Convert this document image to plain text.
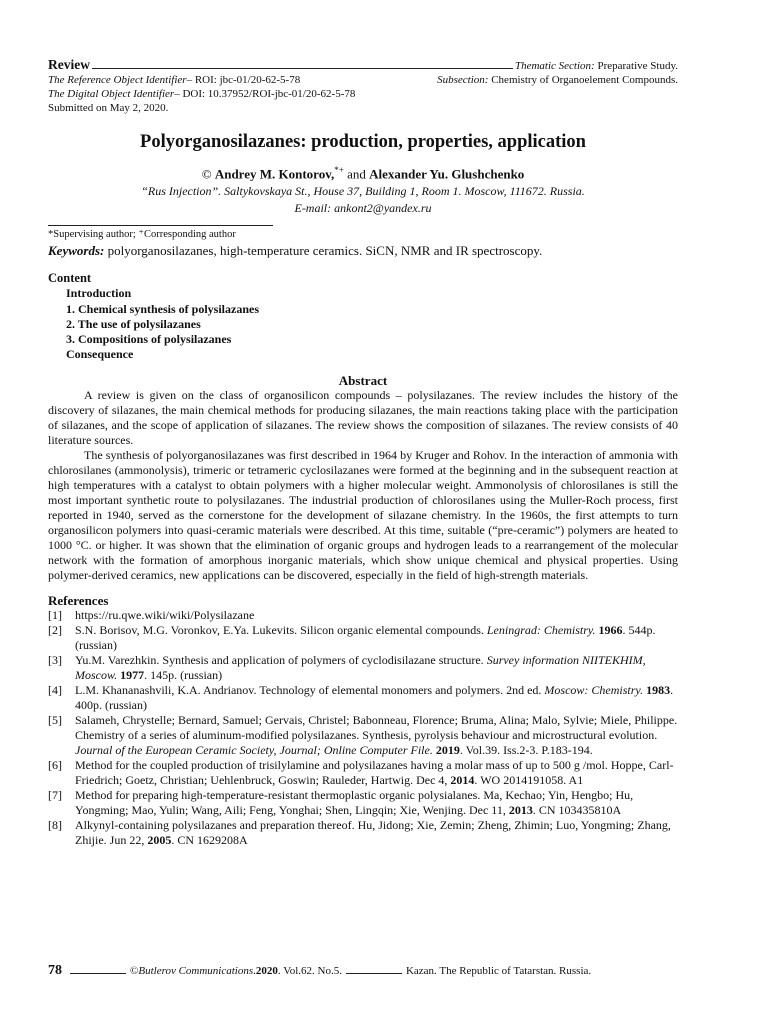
Review	Thematic Section:
Preparative Study.
The Reference Object Identifier – ROI: jbc-01/20-62-5-78	Subsection:
Chemistry of Organoelement Compounds.
The Digital Object Identifier – DOI: 10.37952/ROI-jbc-01/20-62-5-78
Submitted on May 2, 2020.
Polyorganosilazanes: production, properties, application
© Andrey M. Kontorov,*+ and Alexander Yu. Glushchenko
“Rus Injection”. Saltykovskaya St., House 37, Building 1, Room 1. Moscow, 111672. Russia.
E-mail: ankont2@yandex.ru
*Supervising author; ⁺Corresponding author
Keywords: polyorganosilazanes, high-temperature ceramics. SiCN, NMR and IR spectroscopy.
Content
Introduction
1. Chemical synthesis of polysilazanes
2. The use of polysilazanes
3. Compositions of polysilazanes
Consequence
Abstract

A review is given on the class of organosilicon compounds – polysilazanes. The review includes the history of the discovery of silazanes, the main chemical methods for producing silazanes, the main reactions taking place with the participation of silazanes, and the scope of application of silazanes. The review shows the composition of silazanes. The review consists of 40 literature sources.

The synthesis of polyorganosilazanes was first described in 1964 by Kruger and Rohov. In the interaction of ammonia with chlorosilanes (ammonolysis), trimeric or tetrameric cyclosilazanes were formed at the beginning and in the subsequent reaction at high temperatures with a catalyst to obtain polymers with a higher molecular weight. Ammonolysis of chlorosilanes is still the most important synthetic route to polysilazanes. The industrial production of chlorosilanes using the Muller-Roch process, first reported in 1940, served as the cornerstone for the development of silazane chemistry. In the 1960s, the first attempts to turn organosilicon polymers into quasi-ceramic materials were described. At this time, suitable (“pre-ceramic”) polymers are heated to 1000 °C. or higher. It was shown that the elimination of organic groups and hydrogen leads to a rearrangement of the molecular network with the formation of amorphous inorganic materials, which show unique chemical and physical properties. Using polymer-derived ceramics, new applications can be discovered, especially in the field of high-strength materials.

References
[1]	https://ru.qwe.wiki/wiki/Polysilazane
[2]	S.N. Borisov, M.G. Voronkov, E.Ya. Lukevits. Silicon organic elemental compounds. Leningrad: Chemistry. 1966. 544p. (russian)
[3]	Yu.M. Varezhkin. Synthesis and application of polymers of cyclodisilazane structure. Survey information NIITEKHIM, Moscow. 1977. 145p. (russian)
[4]	L.M. Khananashvili, K.A. Andrianov. Technology of elemental monomers and polymers. 2nd ed. Moscow: Chemistry. 1983. 400p. (russian)
[5]	Salameh, Chrystelle; Bernard, Samuel; Gervais, Christel; Babonneau, Florence; Bruma, Alina; Malo, Sylvie; Miele, Philippe. Chemistry of a series of aluminum-modified polysilazanes. Synthesis, pyrolysis behaviour and microstructural evolution. Journal of the European Ceramic Society, Journal; Online Computer File. 2019. Vol.39. Iss.2-3. P.183-194.
[6]	Method for the coupled production of trisilylamine and polysilazanes having a molar mass of up to 500 g /mol. Hoppe, Carl-Friedrich; Goetz, Christian; Uehlenbruck, Goswin; Rauleder, Hartwig. Dec 4, 2014. WO 2014191058. A1
[7]	Method for preparing high-temperature-resistant thermoplastic organic polysialanes. Ma, Kechao; Yin, Hengbo; Hu, Yongming; Mao, Yulin; Wang, Aili; Feng, Yonghai; Shen, Lingqin; Xie, Wenjing. Dec 11, 2013. CN 103435810A
[8]	Alkynyl-containing polysilazanes and preparation thereof. Hu, Jidong; Xie, Zemin; Zheng, Zhimin; Luo, Yongming; Zhang, Zhijie. Jun 22, 2005. CN 1629208A
78	© Butlerov Communications . 2020 . Vol.62. No.5.	Kazan. The Republic of Tatarstan. Russia.
